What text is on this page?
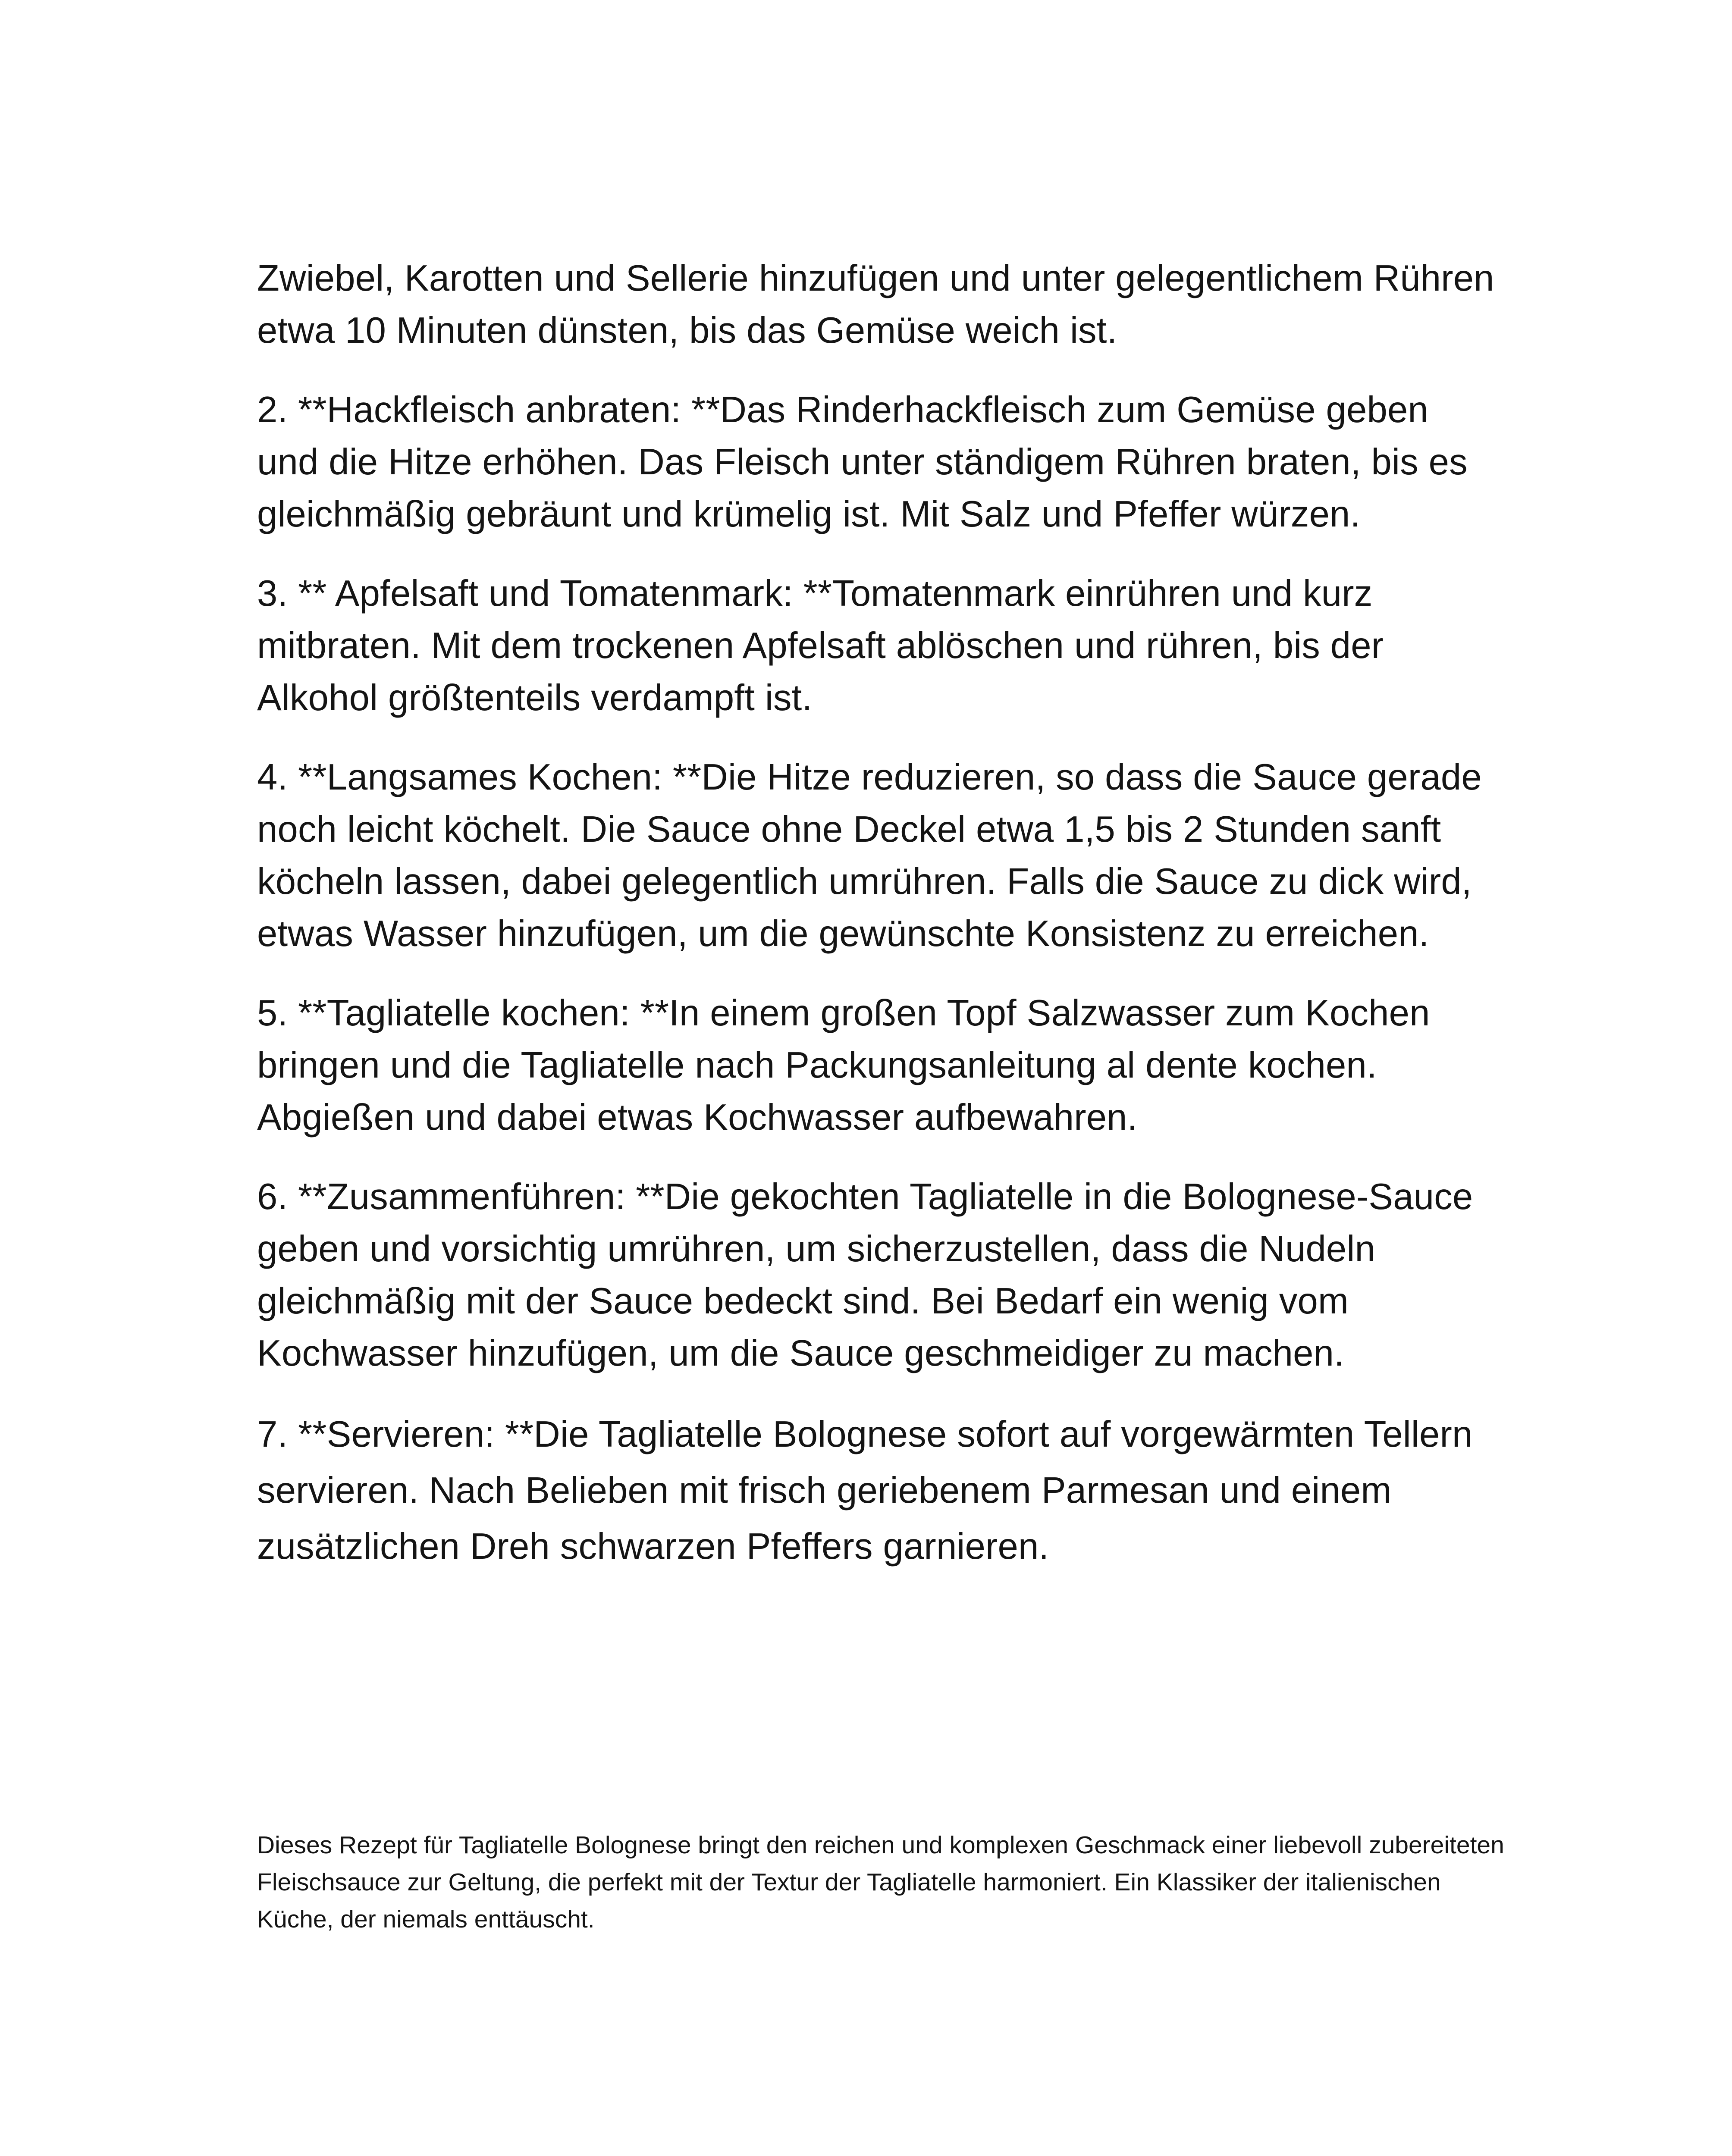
Zwiebel, Karotten und Sellerie hinzufügen und unter gelegentlichem Rühren etwa 10 Minuten dünsten, bis das Gemüse weich ist.

2. **Hackfleisch anbraten: **Das Rinderhackfleisch zum Gemüse geben und die Hitze erhöhen. Das Fleisch unter ständigem Rühren braten, bis es gleichmäßig gebräunt und krümelig ist. Mit Salz und Pfeffer würzen.

3. ** Apfelsaft und Tomatenmark: **Tomatenmark einrühren und kurz mitbraten. Mit dem trockenen Apfelsaft ablöschen und rühren, bis der Alkohol größtenteils verdampft ist.

4. **Langsames Kochen: **Die Hitze reduzieren, so dass die Sauce gerade noch leicht köchelt. Die Sauce ohne Deckel etwa 1,5 bis 2 Stunden sanft köcheln lassen, dabei gelegentlich umrühren. Falls die Sauce zu dick wird, etwas Wasser hinzufügen, um die gewünschte Konsistenz zu erreichen.

5. **Tagliatelle kochen: **In einem großen Topf Salzwasser zum Kochen bringen und die Tagliatelle nach Packungsanleitung al dente kochen. Abgießen und dabei etwas Kochwasser aufbewahren.

6. **Zusammenführen: **Die gekochten Tagliatelle in die Bolognese-Sauce geben und vorsichtig umrühren, um sicherzustellen, dass die Nudeln gleichmäßig mit der Sauce bedeckt sind. Bei Bedarf ein wenig vom Kochwasser hinzufügen, um die Sauce geschmeidiger zu machen.

7. **Servieren: **Die Tagliatelle Bolognese sofort auf vorgewärmten Tellern servieren. Nach Belieben mit frisch geriebenem Parmesan und einem zusätzlichen Dreh schwarzen Pfeffers garnieren.

Dieses Rezept für Tagliatelle Bolognese bringt den reichen und komplexen Geschmack einer liebevoll zubereiteten Fleischsauce zur Geltung, die perfekt mit der Textur der Tagliatelle harmoniert. Ein Klassiker der italienischen Küche, der niemals enttäuscht.
